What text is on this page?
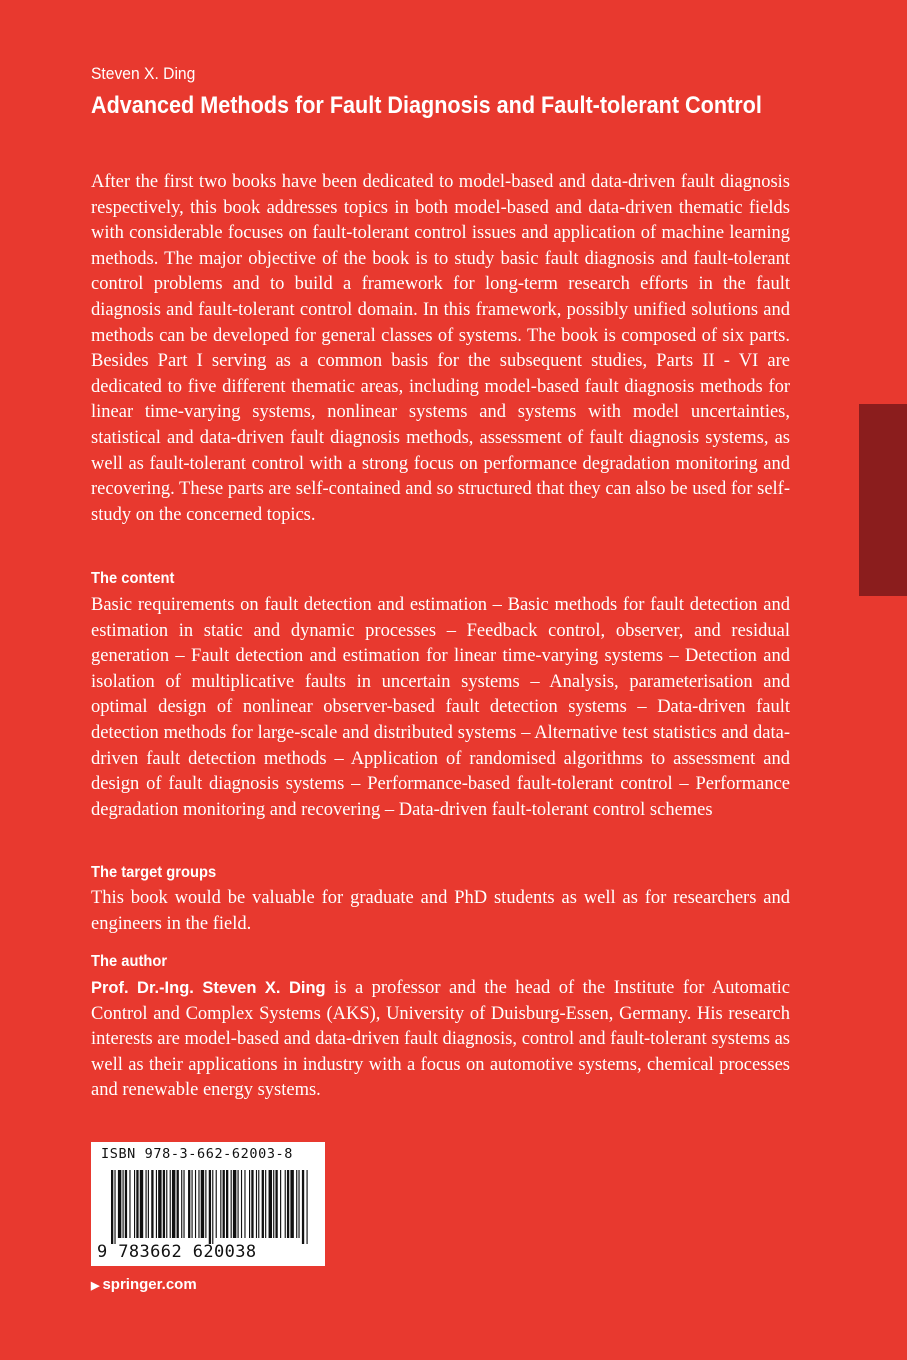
Steven X. Ding
Advanced Methods for Fault Diagnosis and Fault-tolerant Control
After the first two books have been dedicated to model-based and data-driven fault diagnosis respectively, this book addresses topics in both model-based and data-driven thematic fields with considerable focuses on fault-tolerant control issues and application of machine learning methods. The major objective of the book is to study basic fault diagnosis and fault-tolerant control problems and to build a framework for long-term research efforts in the fault diagnosis and fault-tolerant control domain. In this framework, possibly unified solutions and methods can be developed for general classes of systems. The book is composed of six parts. Besides Part I serving as a common basis for the subsequent studies, Parts II - VI are dedicated to five different thematic areas, including model-based fault diagnosis methods for linear time-varying systems, nonlinear systems and systems with model uncertainties, statistical and data-driven fault diagnosis methods, assessment of fault diagnosis systems, as well as fault-tolerant control with a strong focus on performance degradation monitoring and recovering. These parts are self-contained and so structured that they can also be used for self-study on the concerned topics.
The content
Basic requirements on fault detection and estimation – Basic methods for fault detection and estimation in static and dynamic processes – Feedback control, observer, and residual generation – Fault detection and estimation for linear time-varying systems – Detection and isolation of multiplicative faults in uncertain systems – Analysis, parameterisation and optimal design of nonlinear observer-based fault detection systems – Data-driven fault detection methods for large-scale and distributed systems – Alternative test statistics and data-driven fault detection methods – Application of randomised algorithms to assessment and design of fault diagnosis systems – Performance-based fault-tolerant control – Performance degradation monitoring and recovering – Data-driven fault-tolerant control schemes
The target groups
This book would be valuable for graduate and PhD students as well as for researchers and engineers in the field.
The author
Prof. Dr.-Ing. Steven X. Ding is a professor and the head of the Institute for Automatic Control and Complex Systems (AKS), University of Duisburg-Essen, Germany. His research interests are model-based and data-driven fault diagnosis, control and fault-tolerant systems as well as their applications in industry with a focus on automotive systems, chemical processes and renewable energy systems.
ISBN 978-3-662-62003-8
9 783662 620038
▶ springer.com
